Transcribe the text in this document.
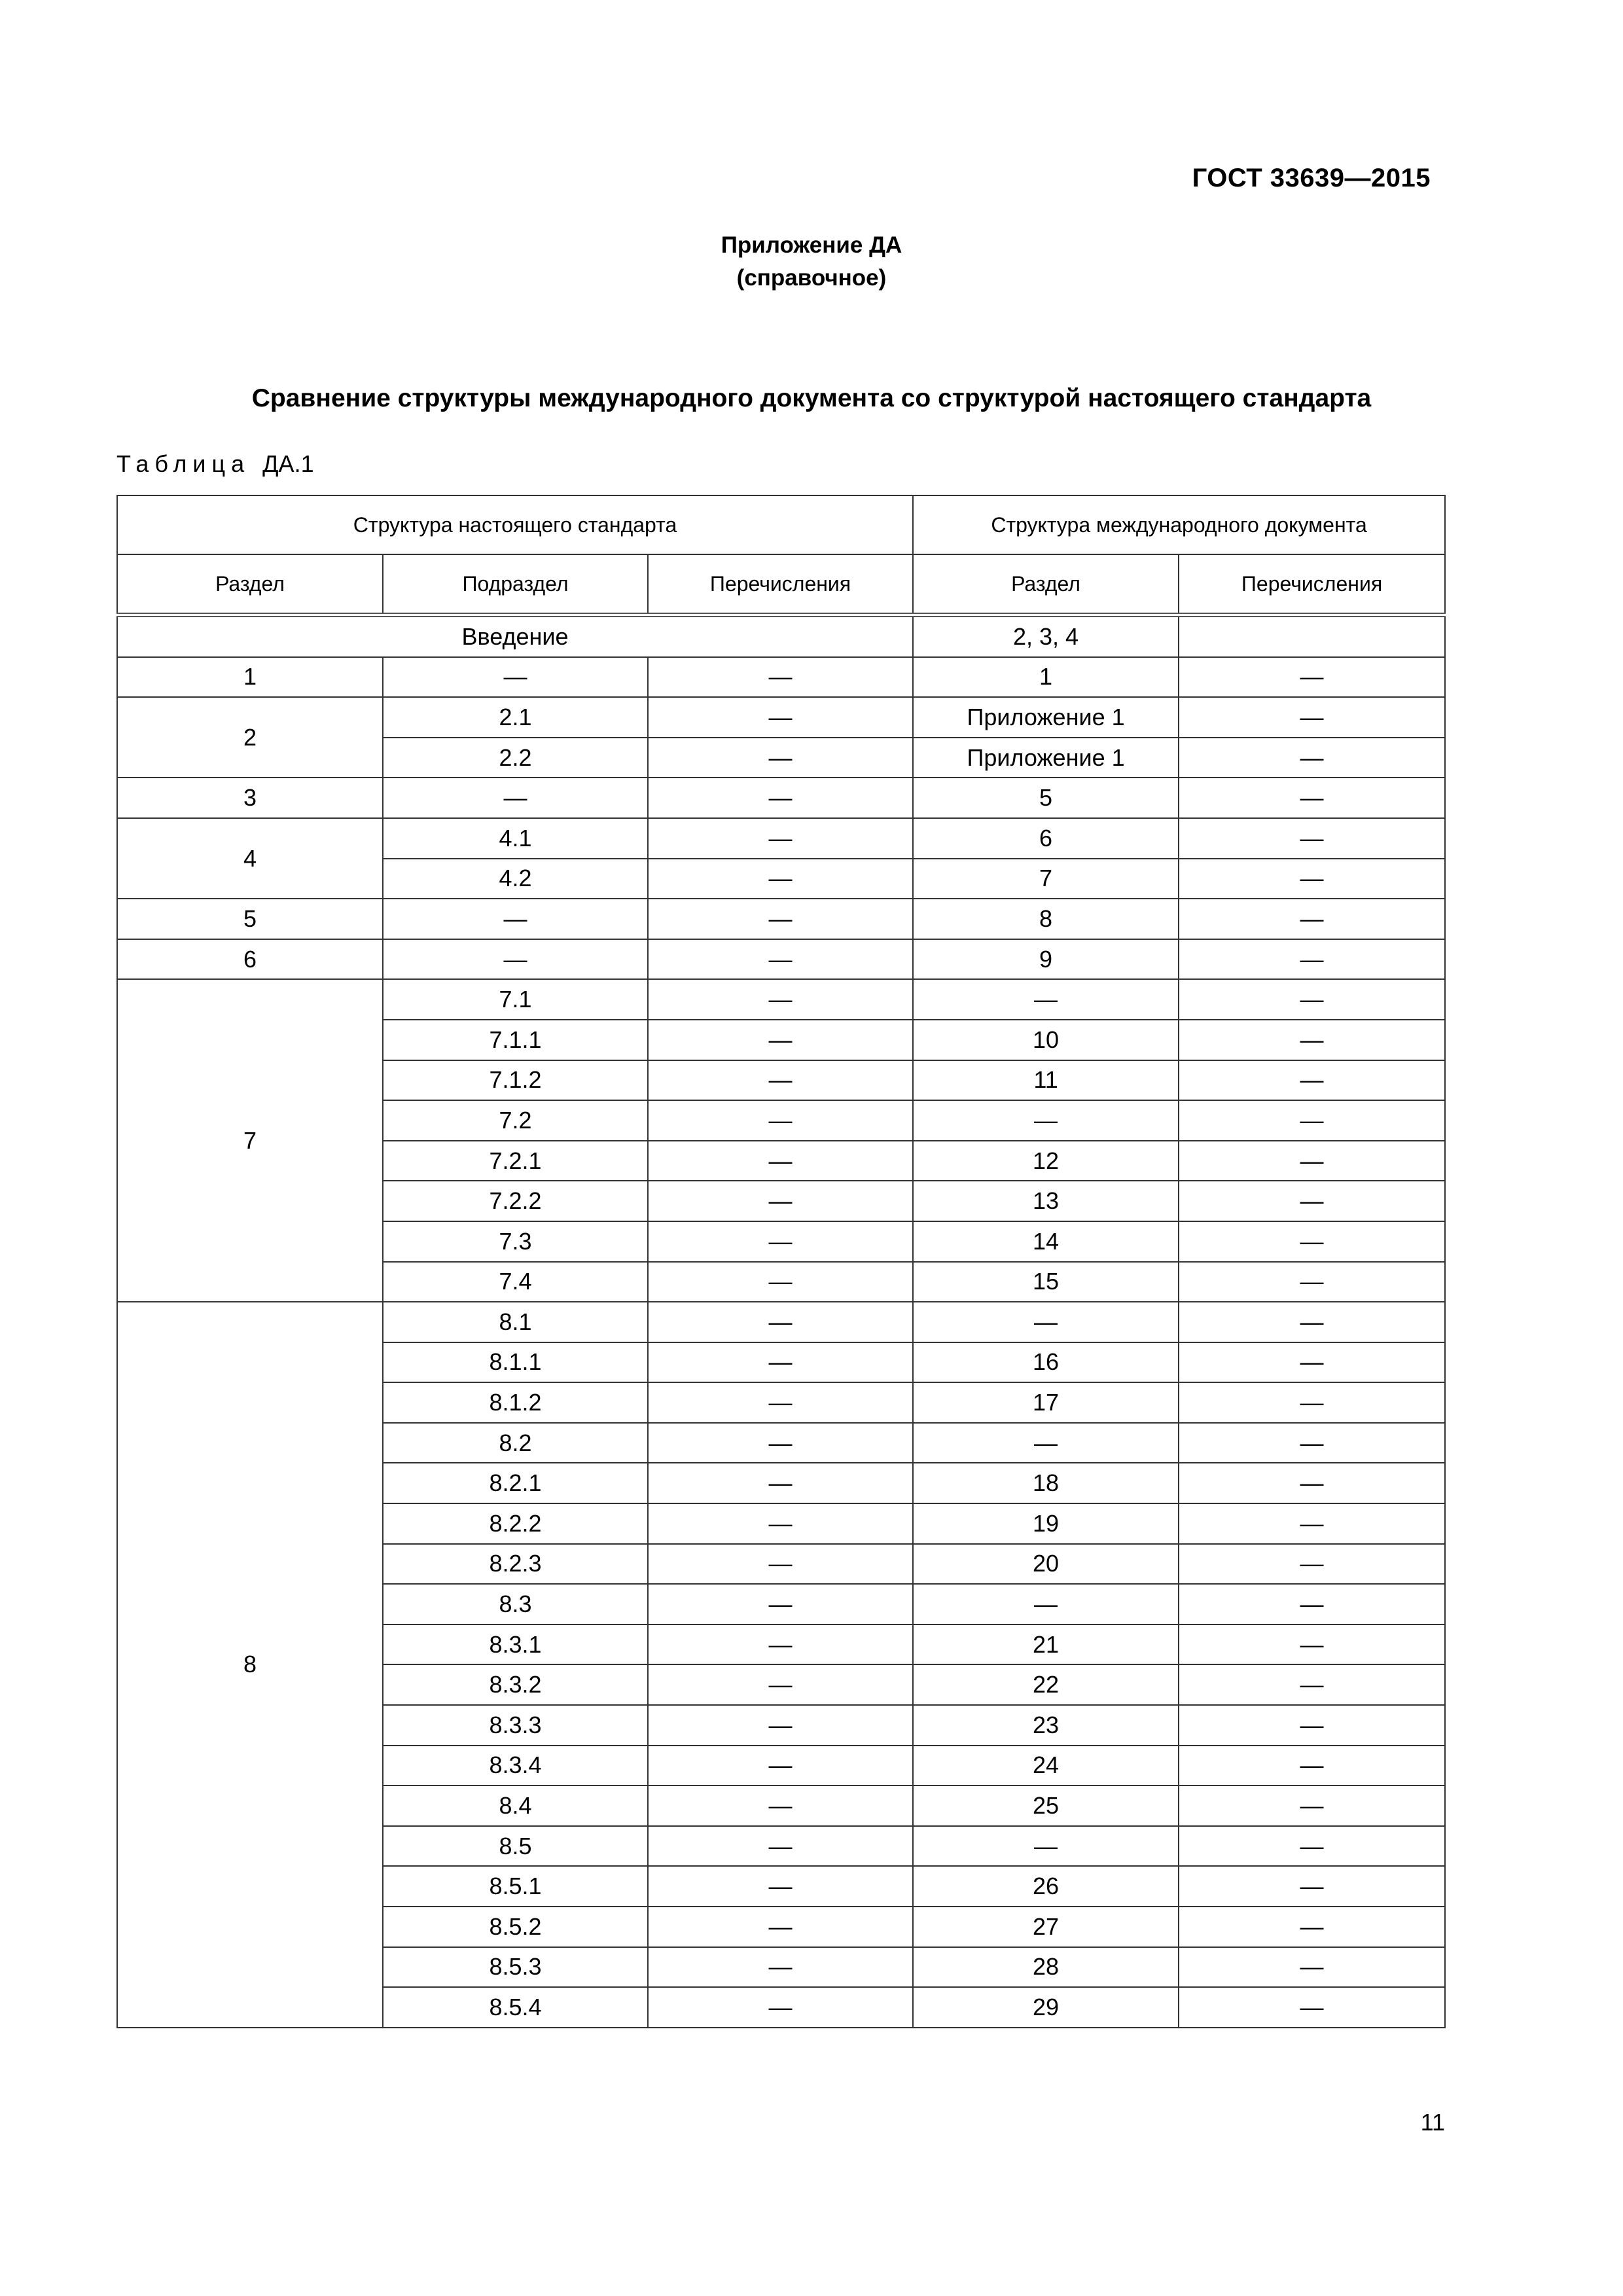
ГОСТ 33639—2015
Приложение ДА
(справочное)
Сравнение структуры международного документа со структурой настоящего стандарта
Таблица ДА.1
Структура настоящего стандарта			Структура международного документа	
Раздел	Подраздел	Перечисления	Раздел	Перечисления
Введение			2, 3, 4	
1	—	—	1	—
2	2.1	—	Приложение 1	—
	2.2	—	Приложение 1	—
3	—	—	5	—
4	4.1	—	6	—
	4.2	—	7	—
5	—	—	8	—
6	—	—	9	—
7	7.1	—	—	—
	7.1.1	—	10	—
	7.1.2	—	11	—
	7.2	—	—	—
	7.2.1	—	12	—
	7.2.2	—	13	—
	7.3	—	14	—
	7.4	—	15	—
8	8.1	—	—	—
	8.1.1	—	16	—
	8.1.2	—	17	—
	8.2	—	—	—
	8.2.1	—	18	—
	8.2.2	—	19	—
	8.2.3	—	20	—
	8.3	—	—	—
	8.3.1	—	21	—
	8.3.2	—	22	—
	8.3.3	—	23	—
	8.3.4	—	24	—
	8.4	—	25	—
	8.5	—	—	—
	8.5.1	—	26	—
	8.5.2	—	27	—
	8.5.3	—	28	—
	8.5.4	—	29	—
11
